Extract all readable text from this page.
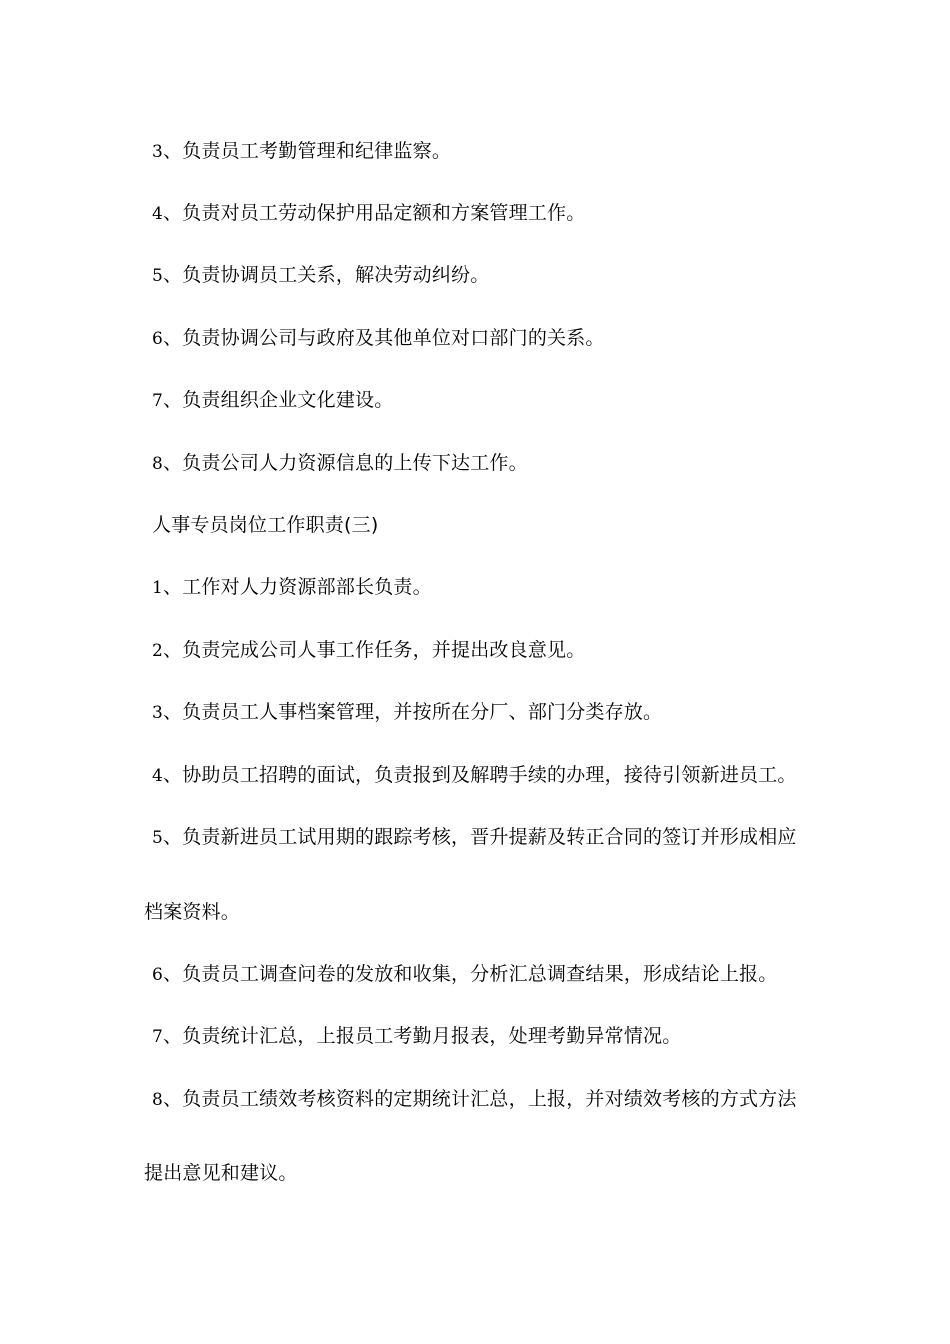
3、负责员工考勤管理和纪律监察。
4、负责对员工劳动保护用品定额和方案管理工作。
5、负责协调员工关系，解决劳动纠纷。
6、负责协调公司与政府及其他单位对口部门的关系。
7、负责组织企业文化建设。
8、负责公司人力资源信息的上传下达工作。
人事专员岗位工作职责(三)
1、工作对人力资源部部长负责。
2、负责完成公司人事工作任务，并提出改良意见。
3、负责员工人事档案管理，并按所在分厂、部门分类存放。
4、协助员工招聘的面试，负责报到及解聘手续的办理，接待引领新进员工。
5、负责新进员工试用期的跟踪考核，晋升提薪及转正合同的签订并形成相应
档案资料。
6、负责员工调查问卷的发放和收集，分析汇总调查结果，形成结论上报。
7、负责统计汇总，上报员工考勤月报表，处理考勤异常情况。
8、负责员工绩效考核资料的定期统计汇总，上报，并对绩效考核的方式方法
提出意见和建议。
